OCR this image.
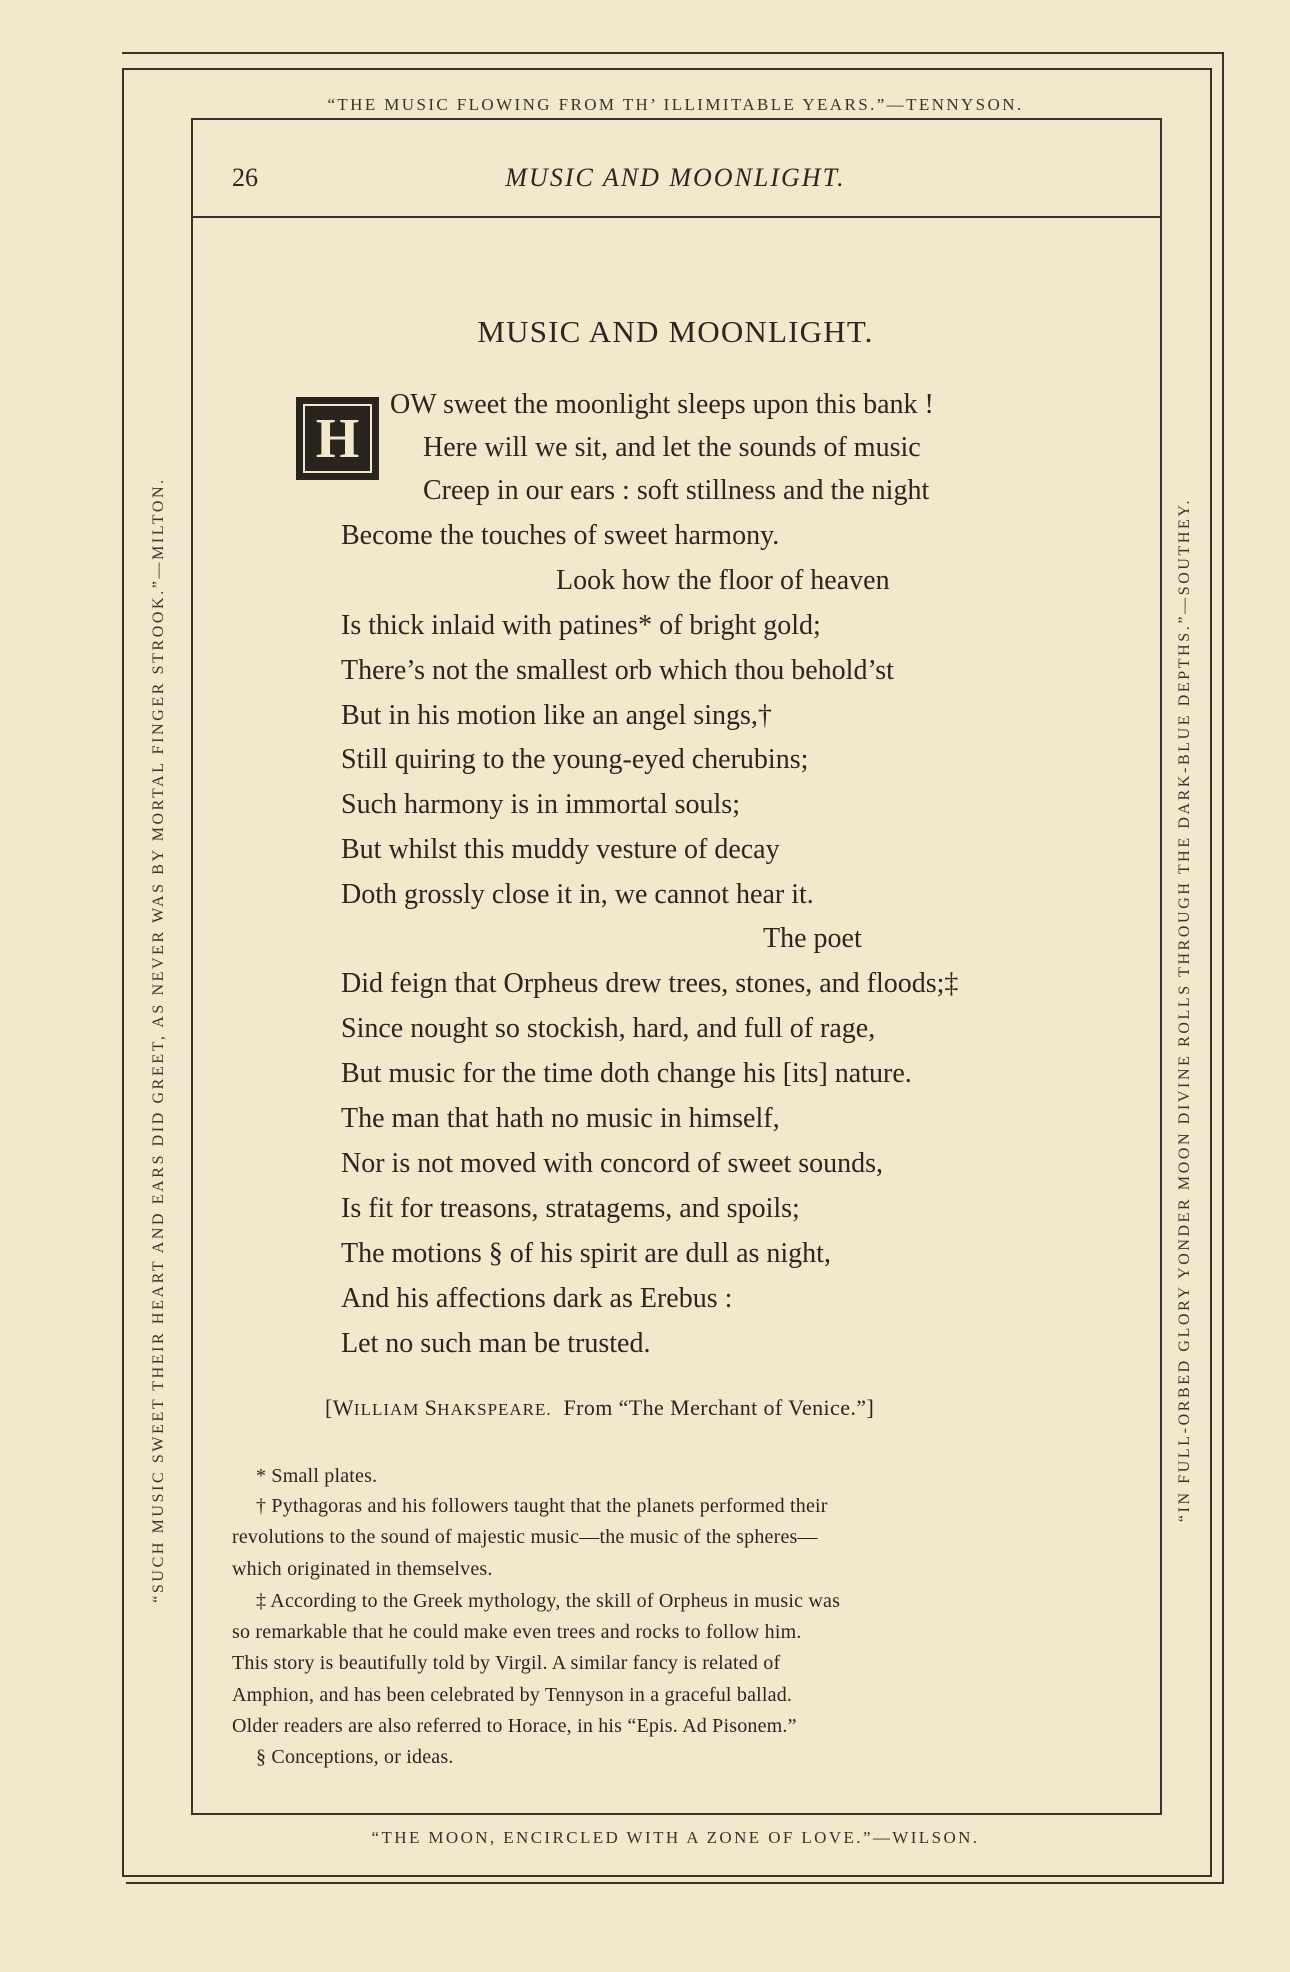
“THE MUSIC FLOWING FROM TH’ ILLIMITABLE YEARS.”—TENNYSON.
“THE MOON, ENCIRCLED WITH A ZONE OF LOVE.”—WILSON.
“SUCH MUSIC SWEET THEIR HEART AND EARS DID GREET, AS NEVER WAS BY MORTAL FINGER STROOK.”—MILTON.	“IN FULL-ORBED GLORY YONDER MOON DIVINE ROLLS THROUGH THE DARK-BLUE DEPTHS.”—SOUTHEY.
26	MUSIC AND MOONLIGHT.
MUSIC AND MOONLIGHT.
H
OW sweet the moonlight sleeps upon this bank !
Here will we sit, and let the sounds of music
Creep in our ears : soft stillness and the night
Become the touches of sweet harmony.
Look how the floor of heaven
Is thick inlaid with patines* of bright gold;
There’s not the smallest orb which thou behold’st
But in his motion like an angel sings,†
Still quiring to the young-eyed cherubins;
Such harmony is in immortal souls;
But whilst this muddy vesture of decay
Doth grossly close it in, we cannot hear it.
The poet
Did feign that Orpheus drew trees, stones, and floods;‡
Since nought so stockish, hard, and full of rage,
But music for the time doth change his [its] nature.
The man that hath no music in himself,
Nor is not moved with concord of sweet sounds,
Is fit for treasons, stratagems, and spoils;
The motions § of his spirit are dull as night,
And his affections dark as Erebus :
Let no such man be trusted.
[WILLIAM SHAKSPEARE. From “The Merchant of Venice.”]
* Small plates.
† Pythagoras and his followers taught that the planets performed their
revolutions to the sound of majestic music—the music of the spheres—
which originated in themselves.
‡ According to the Greek mythology, the skill of Orpheus in music was
so remarkable that he could make even trees and rocks to follow him.
This story is beautifully told by Virgil. A similar fancy is related of
Amphion, and has been celebrated by Tennyson in a graceful ballad.
Older readers are also referred to Horace, in his “Epis. Ad Pisonem.”
§ Conceptions, or ideas.
